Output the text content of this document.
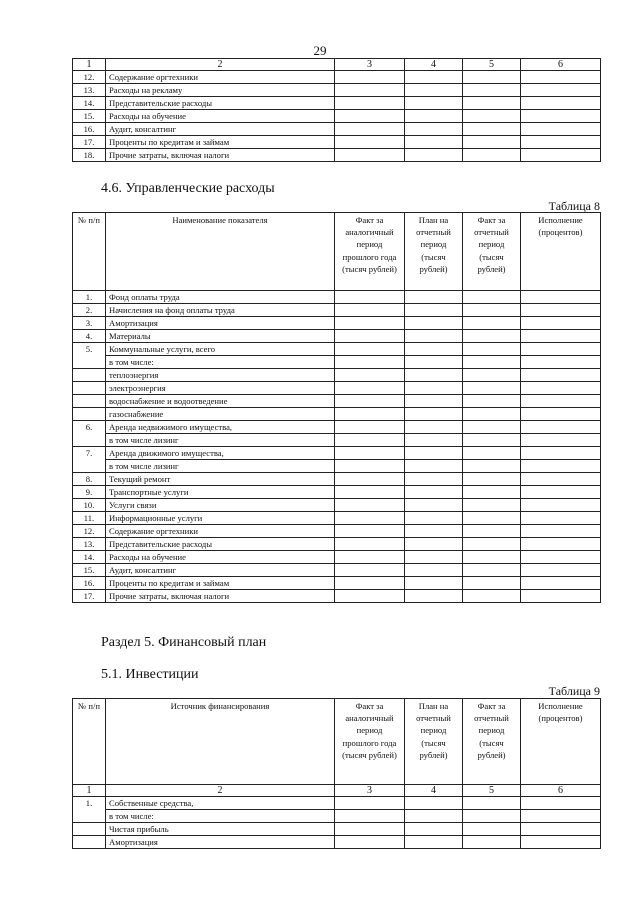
29
1	2	3	4	5	6
12.	Содержание оргтехники				

13.	Расходы на рекламу				

14.	Представительские расходы				

15.	Расходы на обучение				

16.	Аудит, консалтинг				

17.	Проценты по кредитам и займам				

18.	Прочие затраты, включая налоги				

4.6. Управленческие расходы
Таблица 8
№ п/п	Наименование показателя	Факт за аналогичный период прошлого года (тысяч рублей)	План на отчетный период (тысяч рублей)	Факт за отчетный период (тысяч рублей)	Исполнение (процентов)
1.	Фонд оплаты труда				

2.	Начисления на фонд оплаты труда				

3.	Амортизация				

4.	Материалы				

5.	Коммунальные услуги, всего				

	в том числе:				

	теплоэнергия				

	электроэнергия				

	водоснабжение и водоотведение				

	газоснабжение				

6.	Аренда недвижимого имущества,				

	в том числе лизинг				
7.	Аренда движимого имущества,				

	в том числе лизинг				
8.	Текущий ремонт				

9.	Транспортные услуги				

10.	Услуги связи				

11.	Информационные услуги				

12.	Содержание оргтехники				

13.	Представительские расходы				

14.	Расходы на обучение				

15.	Аудит, консалтинг				

16.	Проценты по кредитам и займам				

17.	Прочие затраты, включая налоги				

Раздел 5. Финансовый план
5.1. Инвестиции
Таблица 9
№ п/п	Источник финансирования	Факт за аналогичный период прошлого года (тысяч рублей)	План на отчетный период (тысяч рублей)	Факт за отчетный период (тысяч рублей)	Исполнение (процентов)
1	2	3	4	5	6
1.	Собственные средства,				

	в том числе:				

	Чистая прибыль				

	Амортизация				
